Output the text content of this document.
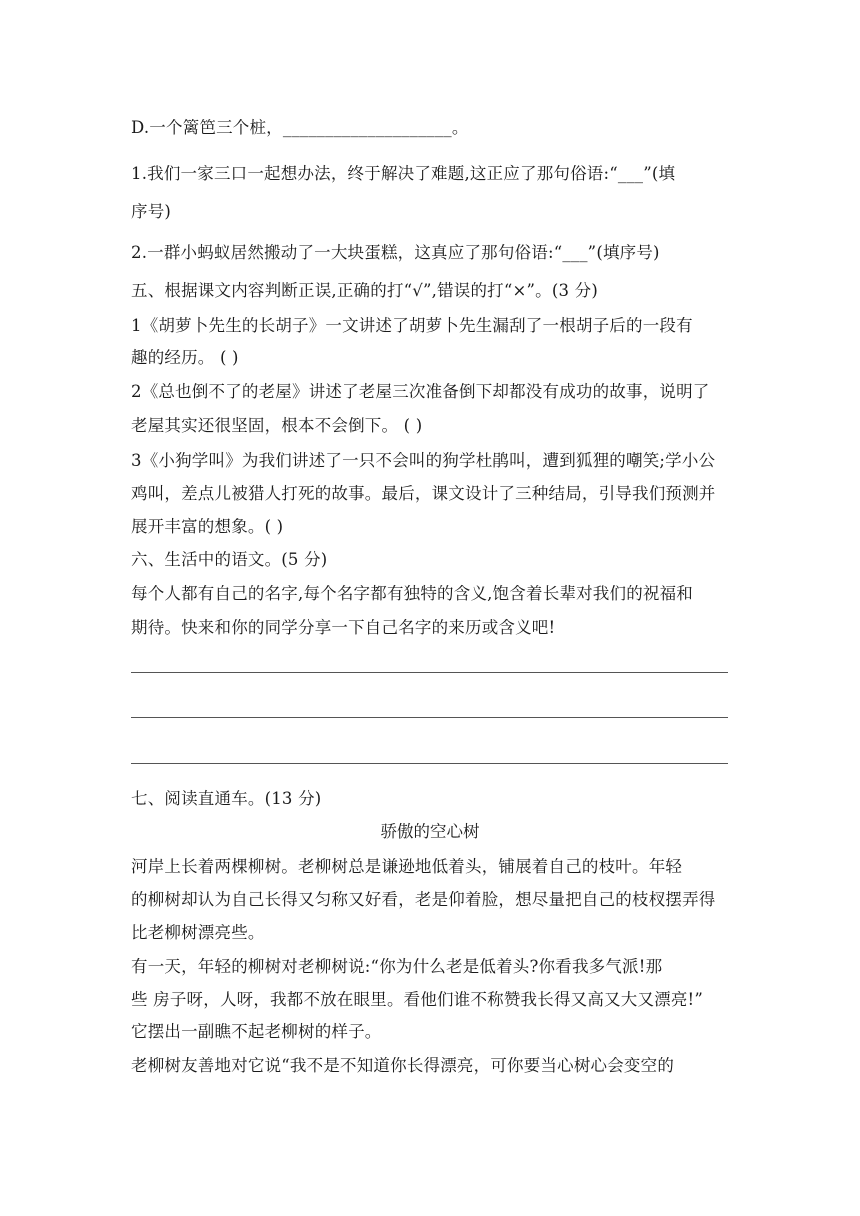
D.一个篱笆三个桩，____________________。
1.我们一家三口一起想办法，终于解决了难题,这正应了那句俗语:“___”(填
序号)
2.一群小蚂蚁居然搬动了一大块蛋糕，这真应了那句俗语:“___”(填序号)
五、根据课文内容判断正误,正确的打“√”,错误的打“×”。(3 分)
1《胡萝卜先生的长胡子》一文讲述了胡萝卜先生漏刮了一根胡子后的一段有
趣的经历。 ( )
2《总也倒不了的老屋》讲述了老屋三次准备倒下却都没有成功的故事，说明了
老屋其实还很坚固，根本不会倒下。 ( )
3《小狗学叫》为我们讲述了一只不会叫的狗学杜鹃叫，遭到狐狸的嘲笑;学小公
鸡叫，差点儿被猎人打死的故事。最后，课文设计了三种结局，引导我们预测并
展开丰富的想象。( )
六、生活中的语文。(5 分)
每个人都有自己的名字,每个名字都有独特的含义,饱含着长辈对我们的祝福和
期待。快来和你的同学分享一下自己名字的来历或含义吧!
七、阅读直通车。(13 分)
骄傲的空心树
河岸上长着两棵柳树。老柳树总是谦逊地低着头，铺展着自己的枝叶。年轻
的柳树却认为自己长得又匀称又好看，老是仰着脸，想尽量把自己的枝杈摆弄得
比老柳树漂亮些。
有一天，年轻的柳树对老柳树说:“你为什么老是低着头?你看我多气派!那
些 房子呀，人呀，我都不放在眼里。看他们谁不称赞我长得又高又大又漂亮!”
它摆出一副瞧不起老柳树的样子。
老柳树友善地对它说“我不是不知道你长得漂亮，可你要当心树心会变空的
